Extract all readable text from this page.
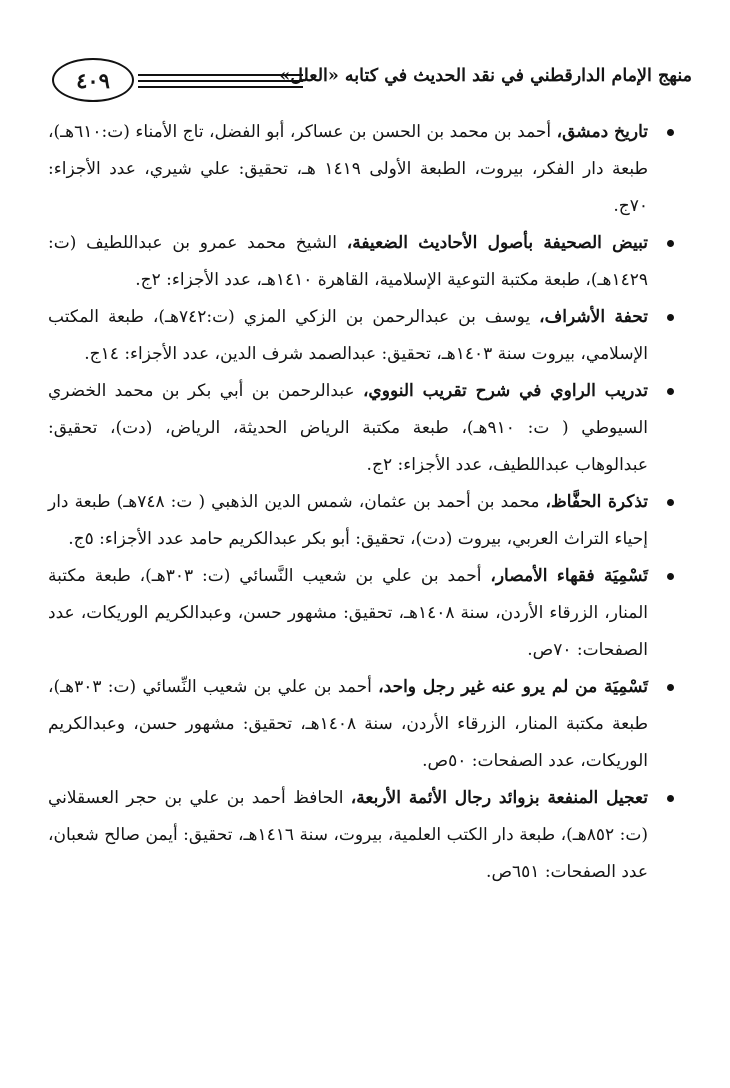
٤٠٩	منهج الإمام الدارقطني في نقد الحديث في كتابه «العلل»
تاريخ دمشق، أحمد بن محمد بن الحسن بن عساكر، أبو الفضل، تاج الأمناء (ت:٦١٠هـ)، طبعة دار الفكر، بيروت، الطبعة الأولى ١٤١٩ هـ، تحقيق: علي شيري، عدد الأجزاء: ٧٠ج.
تبيض الصحيفة بأصول الأحاديث الضعيفة، الشيخ محمد عمرو بن عبداللطيف (ت: ١٤٢٩هـ)، طبعة مكتبة التوعية الإسلامية، القاهرة ١٤١٠هـ، عدد الأجزاء: ٢ج.
تحفة الأشراف، يوسف بن عبدالرحمن بن الزكي المزي (ت:٧٤٢هـ)، طبعة المكتب الإسلامي، بيروت سنة ١٤٠٣هـ، تحقيق: عبدالصمد شرف الدين، عدد الأجزاء: ١٤ج.
تدريب الراوي في شرح تقريب النووي، عبدالرحمن بن أبي بكر بن محمد الخضري السيوطي ( ت: ٩١٠هـ)، طبعة مكتبة الرياض الحديثة، الرياض، (دت)، تحقيق: عبدالوهاب عبداللطيف، عدد الأجزاء: ٢ج.
تذكرة الحفَّاظ، محمد بن أحمد بن عثمان، شمس الدين الذهبي ( ت: ٧٤٨هـ) طبعة دار إحياء التراث العربي، بيروت (دت)، تحقيق: أبو بكر عبدالكريم حامد عدد الأجزاء: ٥ج.
تَسْمِيَة فقهاء الأمصار، أحمد بن علي بن شعيب النَّسائي (ت: ٣٠٣هـ)، طبعة مكتبة المنار، الزرقاء الأردن، سنة ١٤٠٨هـ، تحقيق: مشهور حسن، وعبدالكريم الوريكات، عدد الصفحات: ٧٠ص.
تَسْمِيَة من لم يرو عنه غير رجل واحد، أحمد بن علي بن شعيب النِّسائي (ت: ٣٠٣هـ)، طبعة مكتبة المنار، الزرقاء الأردن، سنة ١٤٠٨هـ، تحقيق: مشهور حسن، وعبدالكريم الوريكات، عدد الصفحات: ٥٠ص.
تعجيل المنفعة بزوائد رجال الأئمة الأربعة، الحافظ أحمد بن علي بن حجر العسقلاني (ت: ٨٥٢هـ)، طبعة دار الكتب العلمية، بيروت، سنة ١٤١٦هـ، تحقيق: أيمن صالح شعبان، عدد الصفحات: ٦٥١ص.
